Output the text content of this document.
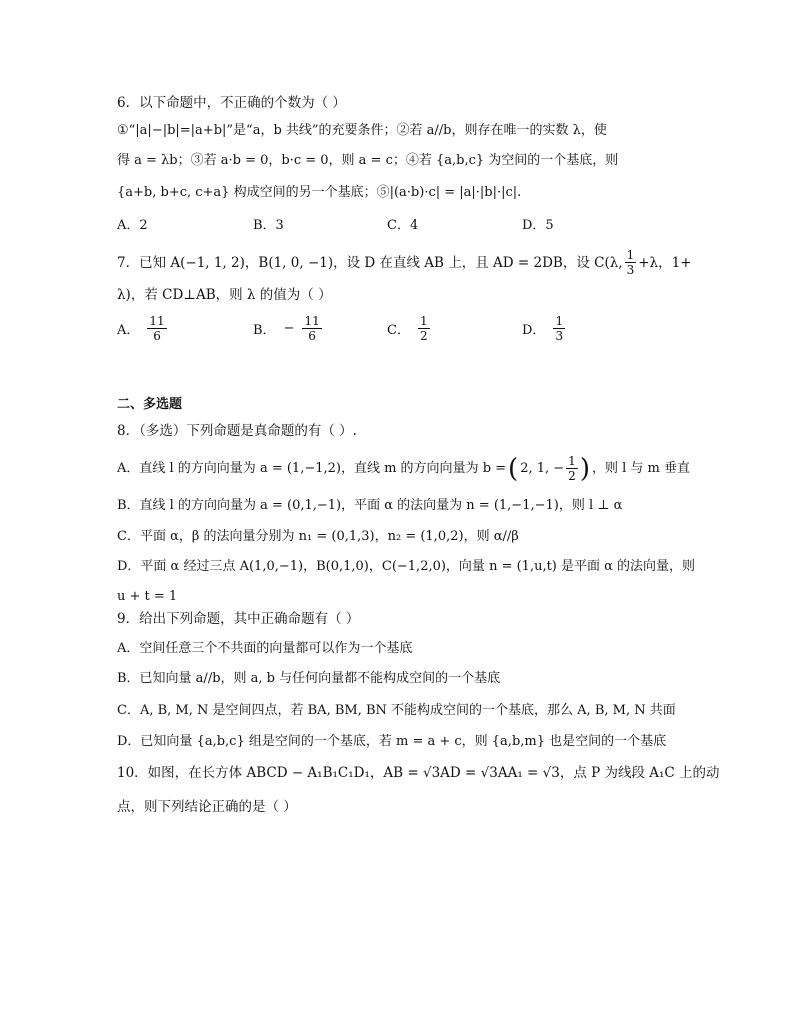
6．以下命题中，不正确的个数为（ ）
①“|a|−|b|=|a+b|”是“a，b 共线”的充要条件；②若 a//b，则存在唯一的实数 λ，使
得 a = λb；③若 a·b = 0，b·c = 0，则 a = c；④若 {a,b,c} 为空间的一个基底，则
{a+b, b+c, c+a} 构成空间的另一个基底；⑤|(a·b)·c| = |a|·|b|·|c|.
A．2	B．3	C．4	D．5
7．已知 A(−1, 1, 2)，B(1, 0, −1)，设 D 在直线 AB 上，且 AD = 2DB，设 C(λ, $\frac{1}{3} +\lambda$，1+
λ)，若 CD⊥AB，则 λ 的值为（ ）
A． $\frac{11}{6}$	B． − $\frac{11}{6}$	C． $\frac{1}{2}$	D． $\frac{1}{3}$
二、多选题
8．（多选）下列命题是真命题的有（ ）.
A．直线 l 的方向向量为 a = (1,−1,2)，直线 m 的方向向量为 b = ( 2, 1, − $\frac{1}{2}$ ) ，则 l 与 m 垂直
B．直线 l 的方向向量为 a = (0,1,−1)，平面 α 的法向量为 n = (1,−1,−1)，则 l ⊥ α
C．平面 α，β 的法向量分别为 n₁ = (0,1,3)，n₂ = (1,0,2)，则 α//β
D．平面 α 经过三点 A(1,0,−1)，B(0,1,0)，C(−1,2,0)，向量 n = (1,u,t) 是平面 α 的法向量，则
u + t = 1
9．给出下列命题，其中正确命题有（ ）
A．空间任意三个不共面的向量都可以作为一个基底
B．已知向量 a//b，则 a, b 与任何向量都不能构成空间的一个基底
C．A, B, M, N 是空间四点，若 BA, BM, BN 不能构成空间的一个基底，那么 A, B, M, N 共面
D．已知向量 {a,b,c} 组是空间的一个基底，若 m = a + c，则 {a,b,m} 也是空间的一个基底
10．如图，在长方体 ABCD − A₁B₁C₁D₁，AB = √3AD = √3AA₁ = √3，点 P 为线段 A₁C 上的动
点，则下列结论正确的是（ ）
